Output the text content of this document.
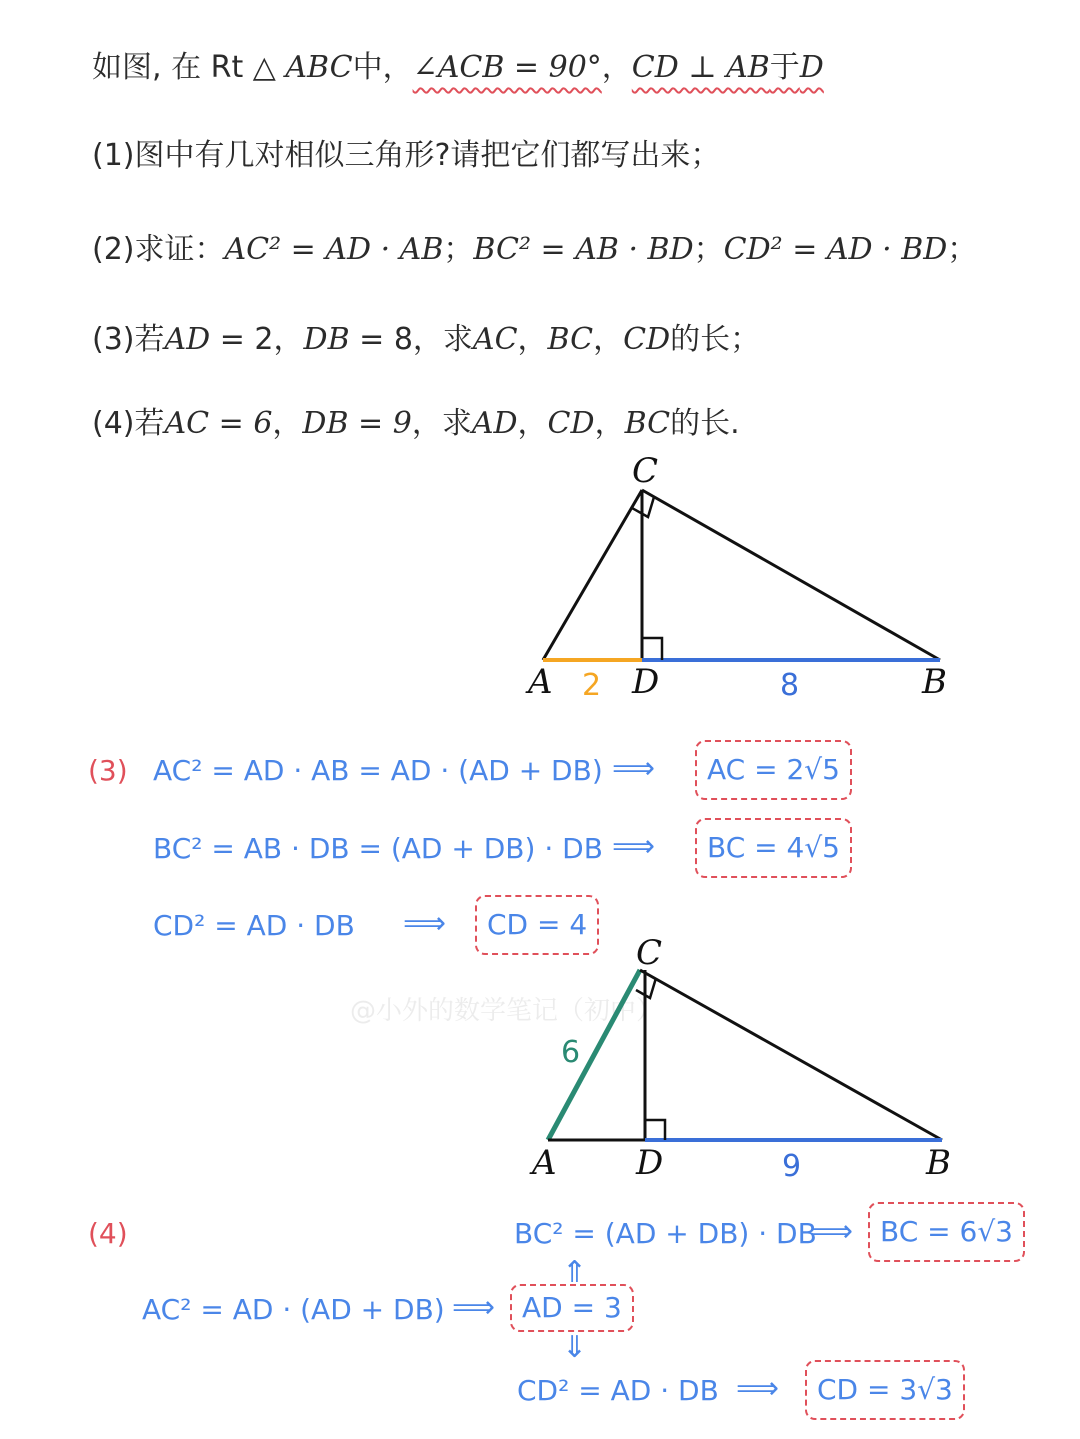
如图, 在 Rt △ ABC中，∠ACB = 90°，CD ⊥ AB于D
(1)图中有几对相似三角形?请把它们都写出来；
(2)求证：AC² = AD · AB；BC² = AB · BD；CD² = AD · BD；
(3)若AD = 2，DB = 8，求AC，BC，CD的长；
(4)若AC = 6，DB = 9，求AD，CD，BC的长.
C
A D	B
2	8
(3) AC² = AD · AB = AD · (AD + DB) ⟹	AC = 2√5
BC² = AB · DB = (AD + DB) · DB ⟹	BC = 4√5
CD² = AD · DB ⟹	CD = 4
@小外的数学笔记（初中）
C
A D	B
6
9
(4)	BC² = (AD + DB) · DB
⟹ BC = 6√3
⇑
AC² = AD · (AD + DB) ⟹ AD = 3
⇓
CD² = AD · DB ⟹	CD = 3√3
